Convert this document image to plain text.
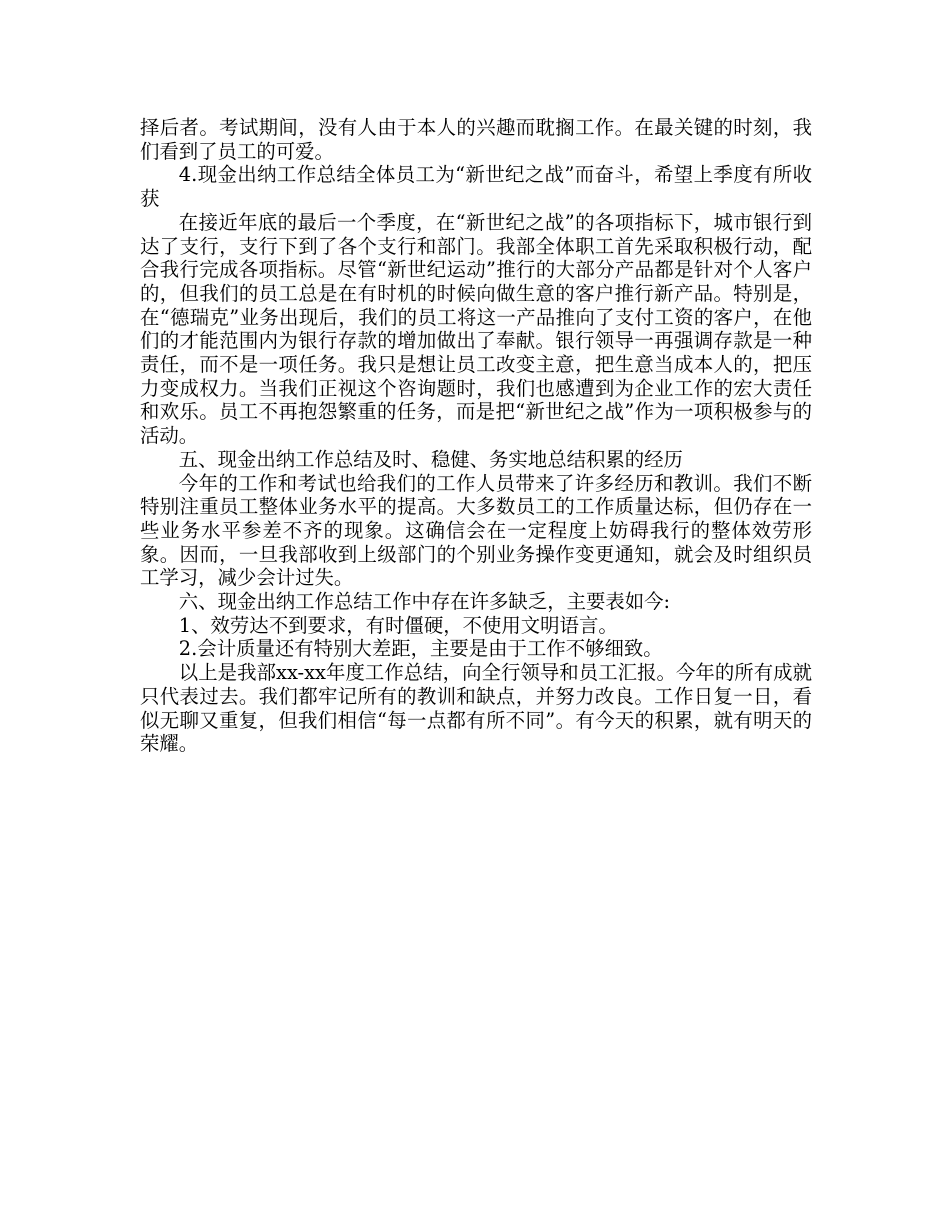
择后者。考试期间，没有人由于本人的兴趣而耽搁工作。在最关键的时刻，我们看到了员工的可爱。

4.现金出纳工作总结全体员工为“新世纪之战”而奋斗，希望上季度有所收获

在接近年底的最后一个季度，在“新世纪之战”的各项指标下，城市银行到达了支行，支行下到了各个支行和部门。我部全体职工首先采取积极行动，配合我行完成各项指标。尽管“新世纪运动”推行的大部分产品都是针对个人客户的，但我们的员工总是在有时机的时候向做生意的客户推行新产品。特别是，在“德瑞克”业务出现后，我们的员工将这一产品推向了支付工资的客户，在他们的才能范围内为银行存款的增加做出了奉献。银行领导一再强调存款是一种责任，而不是一项任务。我只是想让员工改变主意，把生意当成本人的，把压力变成权力。当我们正视这个咨询题时，我们也感遭到为企业工作的宏大责任和欢乐。员工不再抱怨繁重的任务，而是把“新世纪之战”作为一项积极参与的活动。

五、现金出纳工作总结及时、稳健、务实地总结积累的经历

今年的工作和考试也给我们的工作人员带来了许多经历和教训。我们不断特别注重员工整体业务水平的提高。大多数员工的工作质量达标，但仍存在一些业务水平参差不齐的现象。这确信会在一定程度上妨碍我行的整体效劳形象。因而，一旦我部收到上级部门的个别业务操作变更通知，就会及时组织员工学习，减少会计过失。

六、现金出纳工作总结工作中存在许多缺乏，主要表如今:

1、效劳达不到要求，有时僵硬，不使用文明语言。

2.会计质量还有特别大差距，主要是由于工作不够细致。

以上是我部xx-xx年度工作总结，向全行领导和员工汇报。今年的所有成就只代表过去。我们都牢记所有的教训和缺点，并努力改良。工作日复一日，看似无聊又重复，但我们相信“每一点都有所不同”。有今天的积累，就有明天的荣耀。
